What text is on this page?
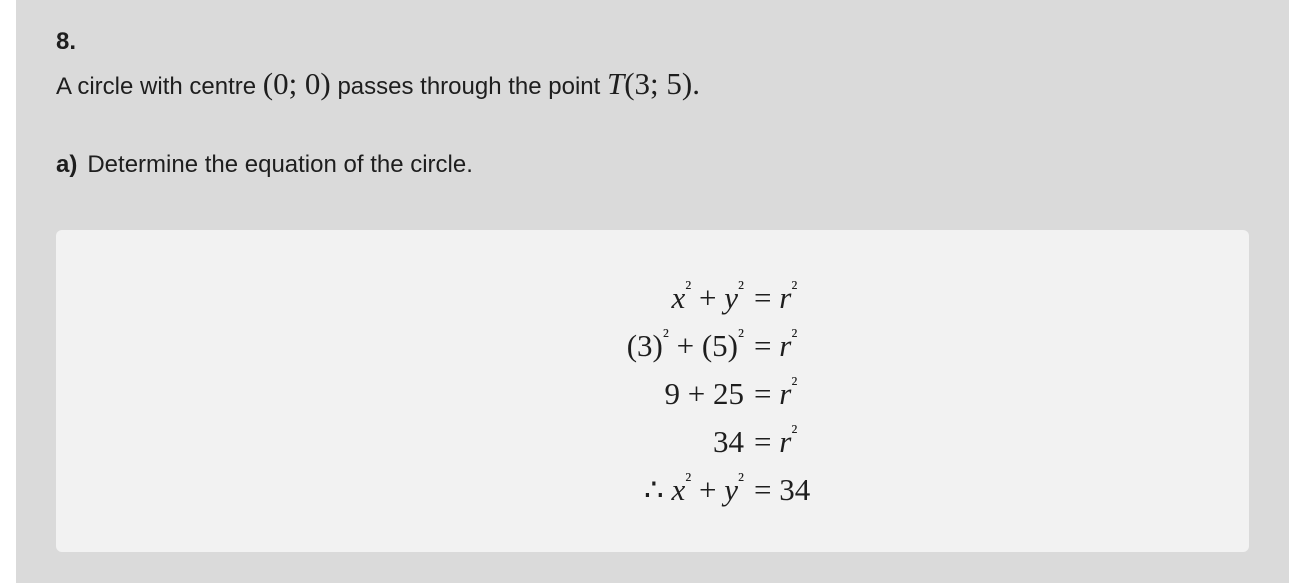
8.
A circle with centre (0; 0) passes through the point T(3; 5).
a) Determine the equation of the circle.
$x^{^2} + y^{^2} = r^{^2}$
$(3)^{^2} + (5)^{^2} = r^{^2}$
$9 + 25 = r^{^2}$
$34 = r^{^2}$
∴ $x^{^2} + y^{^2} = 34$
